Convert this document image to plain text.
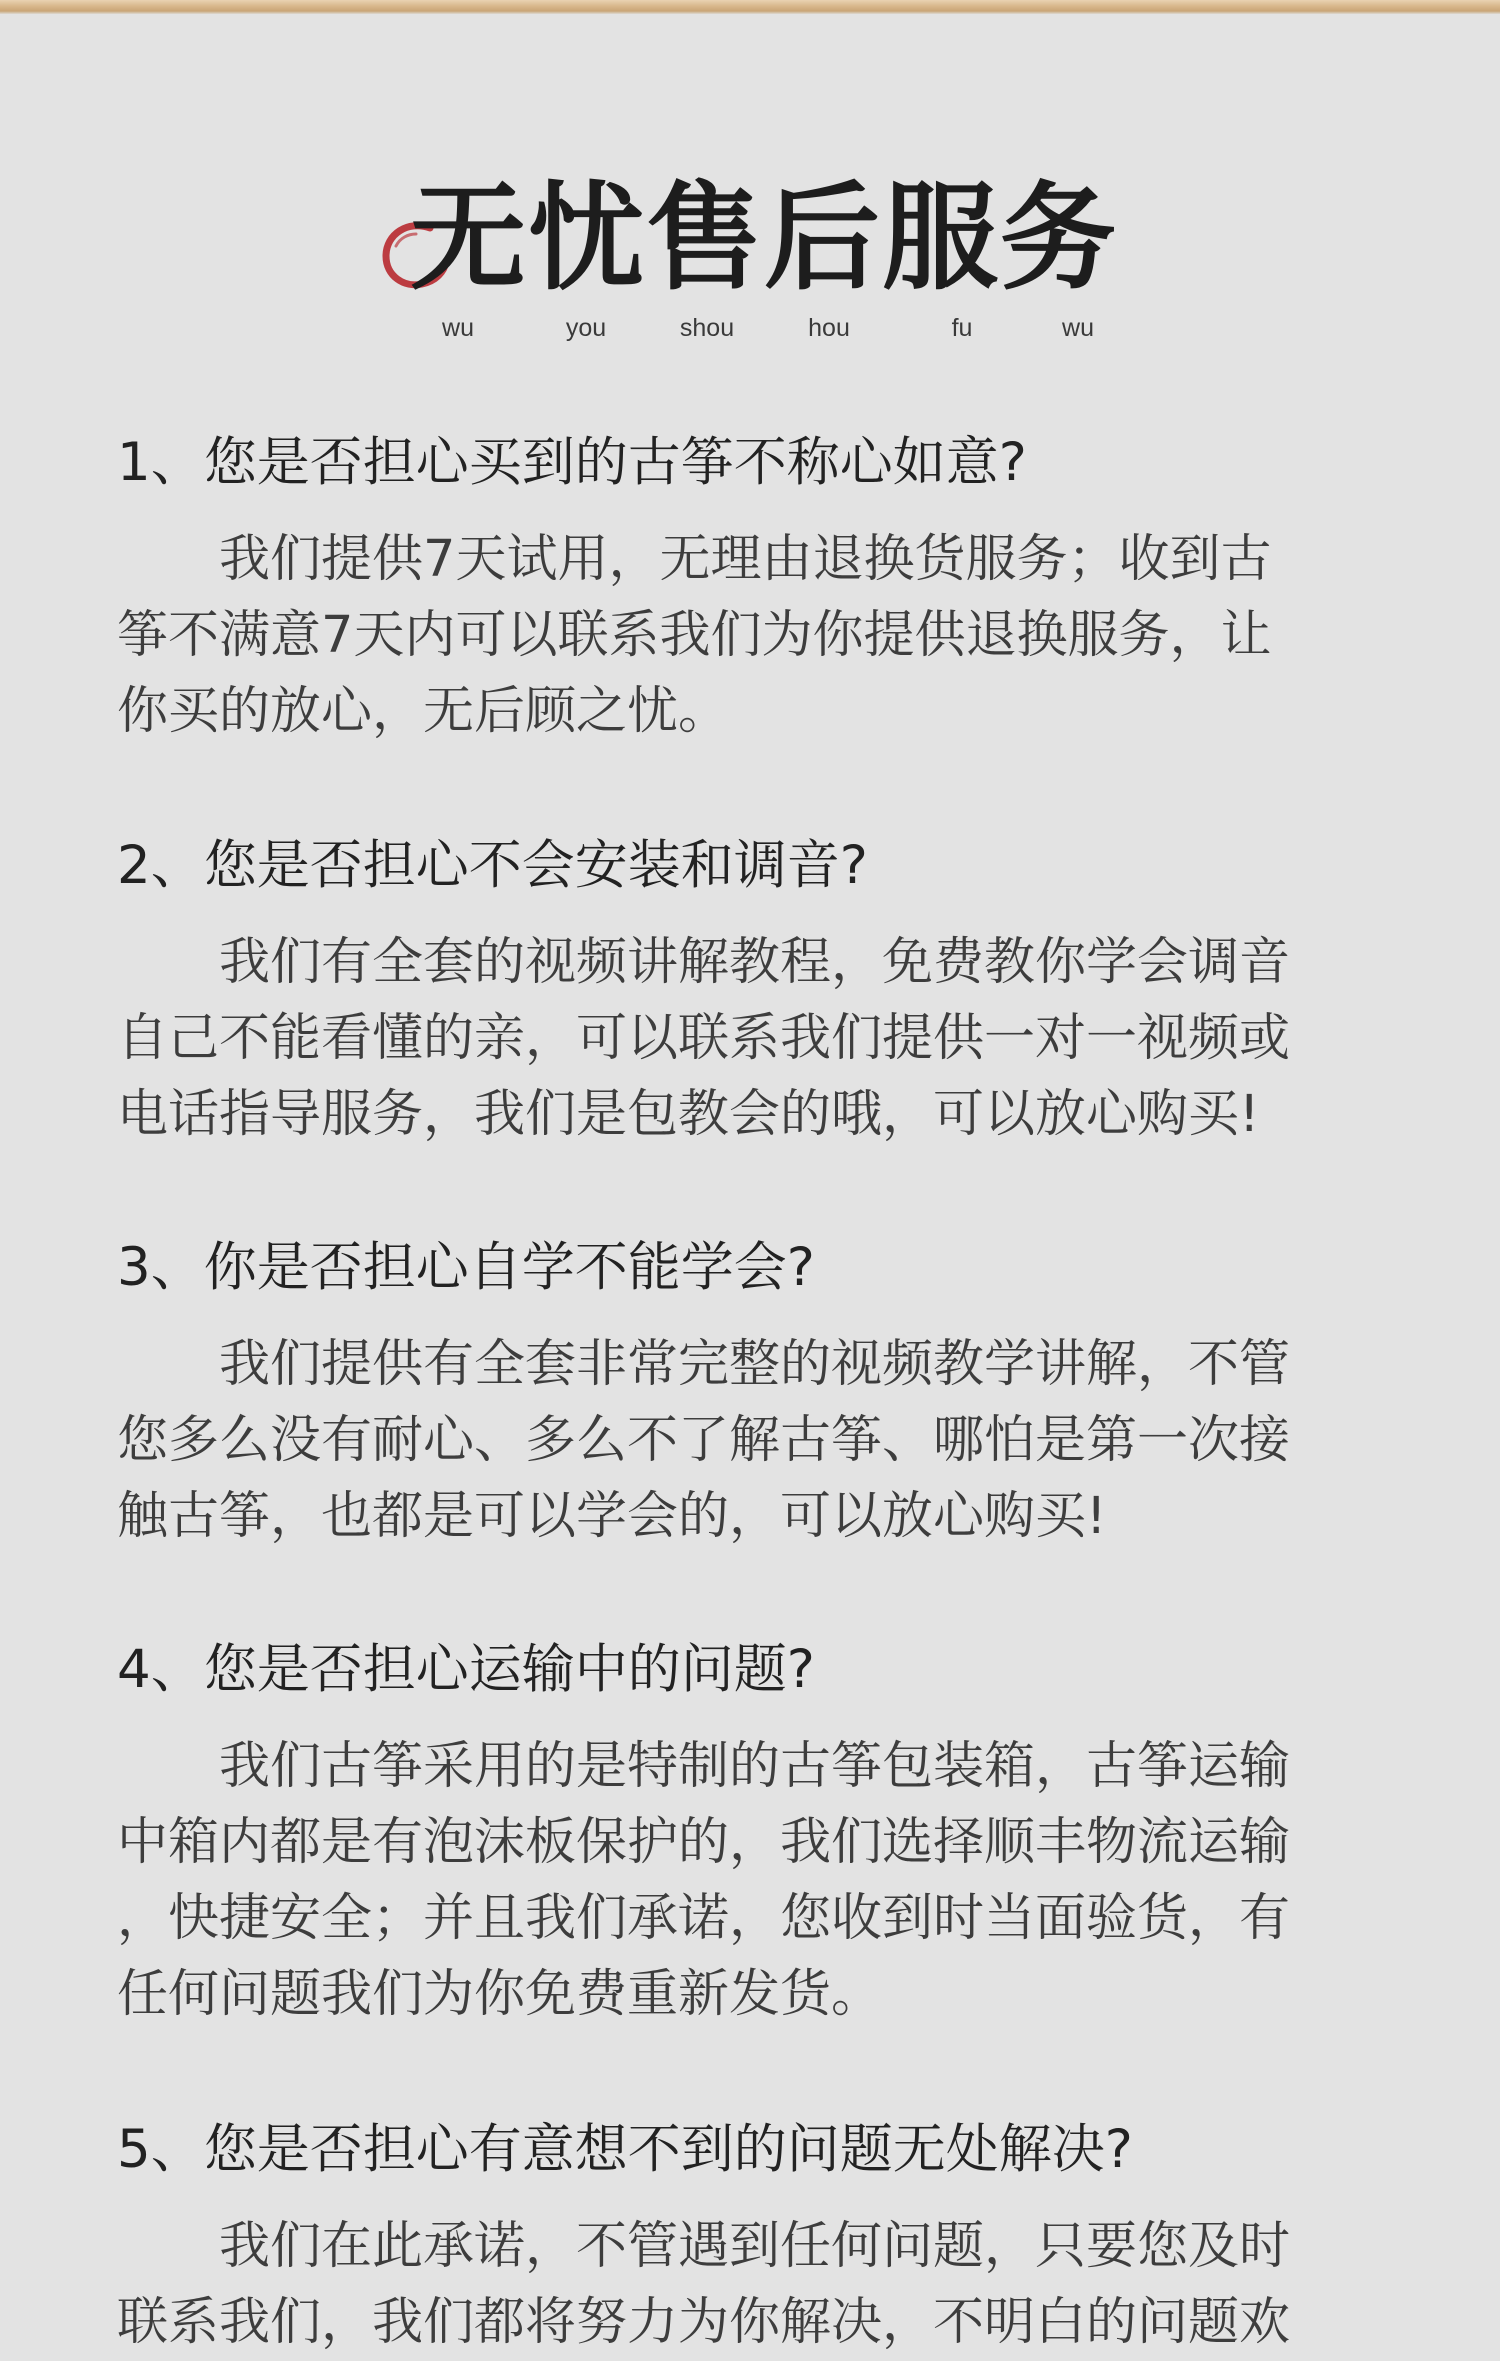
无忧售后服务
wu	you	shou	hou	fu	wu

1、您是否担心买到的古筝不称心如意?

我们提供7天试用，无理由退换货服务；收到古
筝不满意7天内可以联系我们为你提供退换服务，让
你买的放心，无后顾之忧。

2、您是否担心不会安装和调音?

我们有全套的视频讲解教程，免费教你学会调音
自己不能看懂的亲，可以联系我们提供一对一视频或
电话指导服务，我们是包教会的哦，可以放心购买!

3、你是否担心自学不能学会?

我们提供有全套非常完整的视频教学讲解，不管
您多么没有耐心、多么不了解古筝、哪怕是第一次接
触古筝，也都是可以学会的，可以放心购买!

4、您是否担心运输中的问题?

我们古筝采用的是特制的古筝包装箱，古筝运输
中箱内都是有泡沫板保护的，我们选择顺丰物流运输
，快捷安全；并且我们承诺，您收到时当面验货，有
任何问题我们为你免费重新发货。

5、您是否担心有意想不到的问题无处解决?

我们在此承诺，不管遇到任何问题，只要您及时
联系我们，我们都将努力为你解决，不明白的问题欢
